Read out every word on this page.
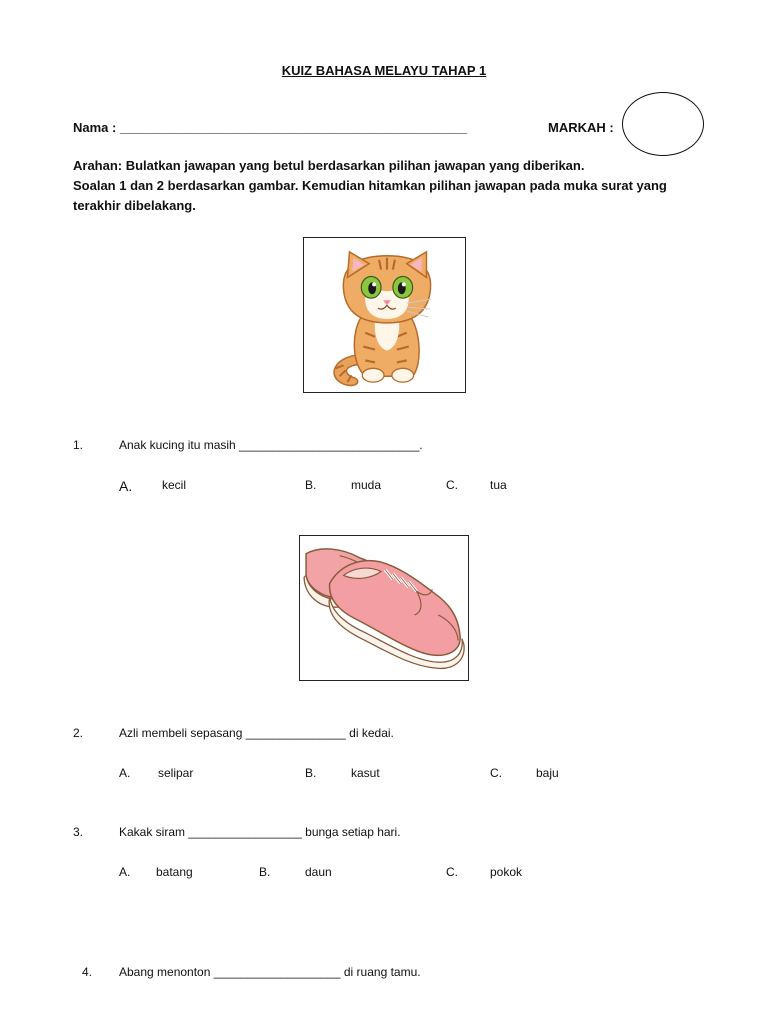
KUIZ BAHASA MELAYU TAHAP 1
Nama : ________________________________________________	MARKAH :
Arahan: Bulatkan jawapan yang betul berdasarkan pilihan jawapan yang diberikan.
Soalan 1 dan 2 berdasarkan gambar. Kemudian hitamkan pilihan jawapan pada muka surat yang
terakhir dibelakang.
1.	Anak kucing itu masih ___________________________.
A. kecil	B.	muda	C.	tua
2.	Azli membeli sepasang _______________ di kedai.
A. selipar	B.	kasut	C.	baju
3.	Kakak siram _________________ bunga setiap hari.
A. batang	B.	daun	C.	pokok
4. Abang menonton ___________________ di ruang tamu.
